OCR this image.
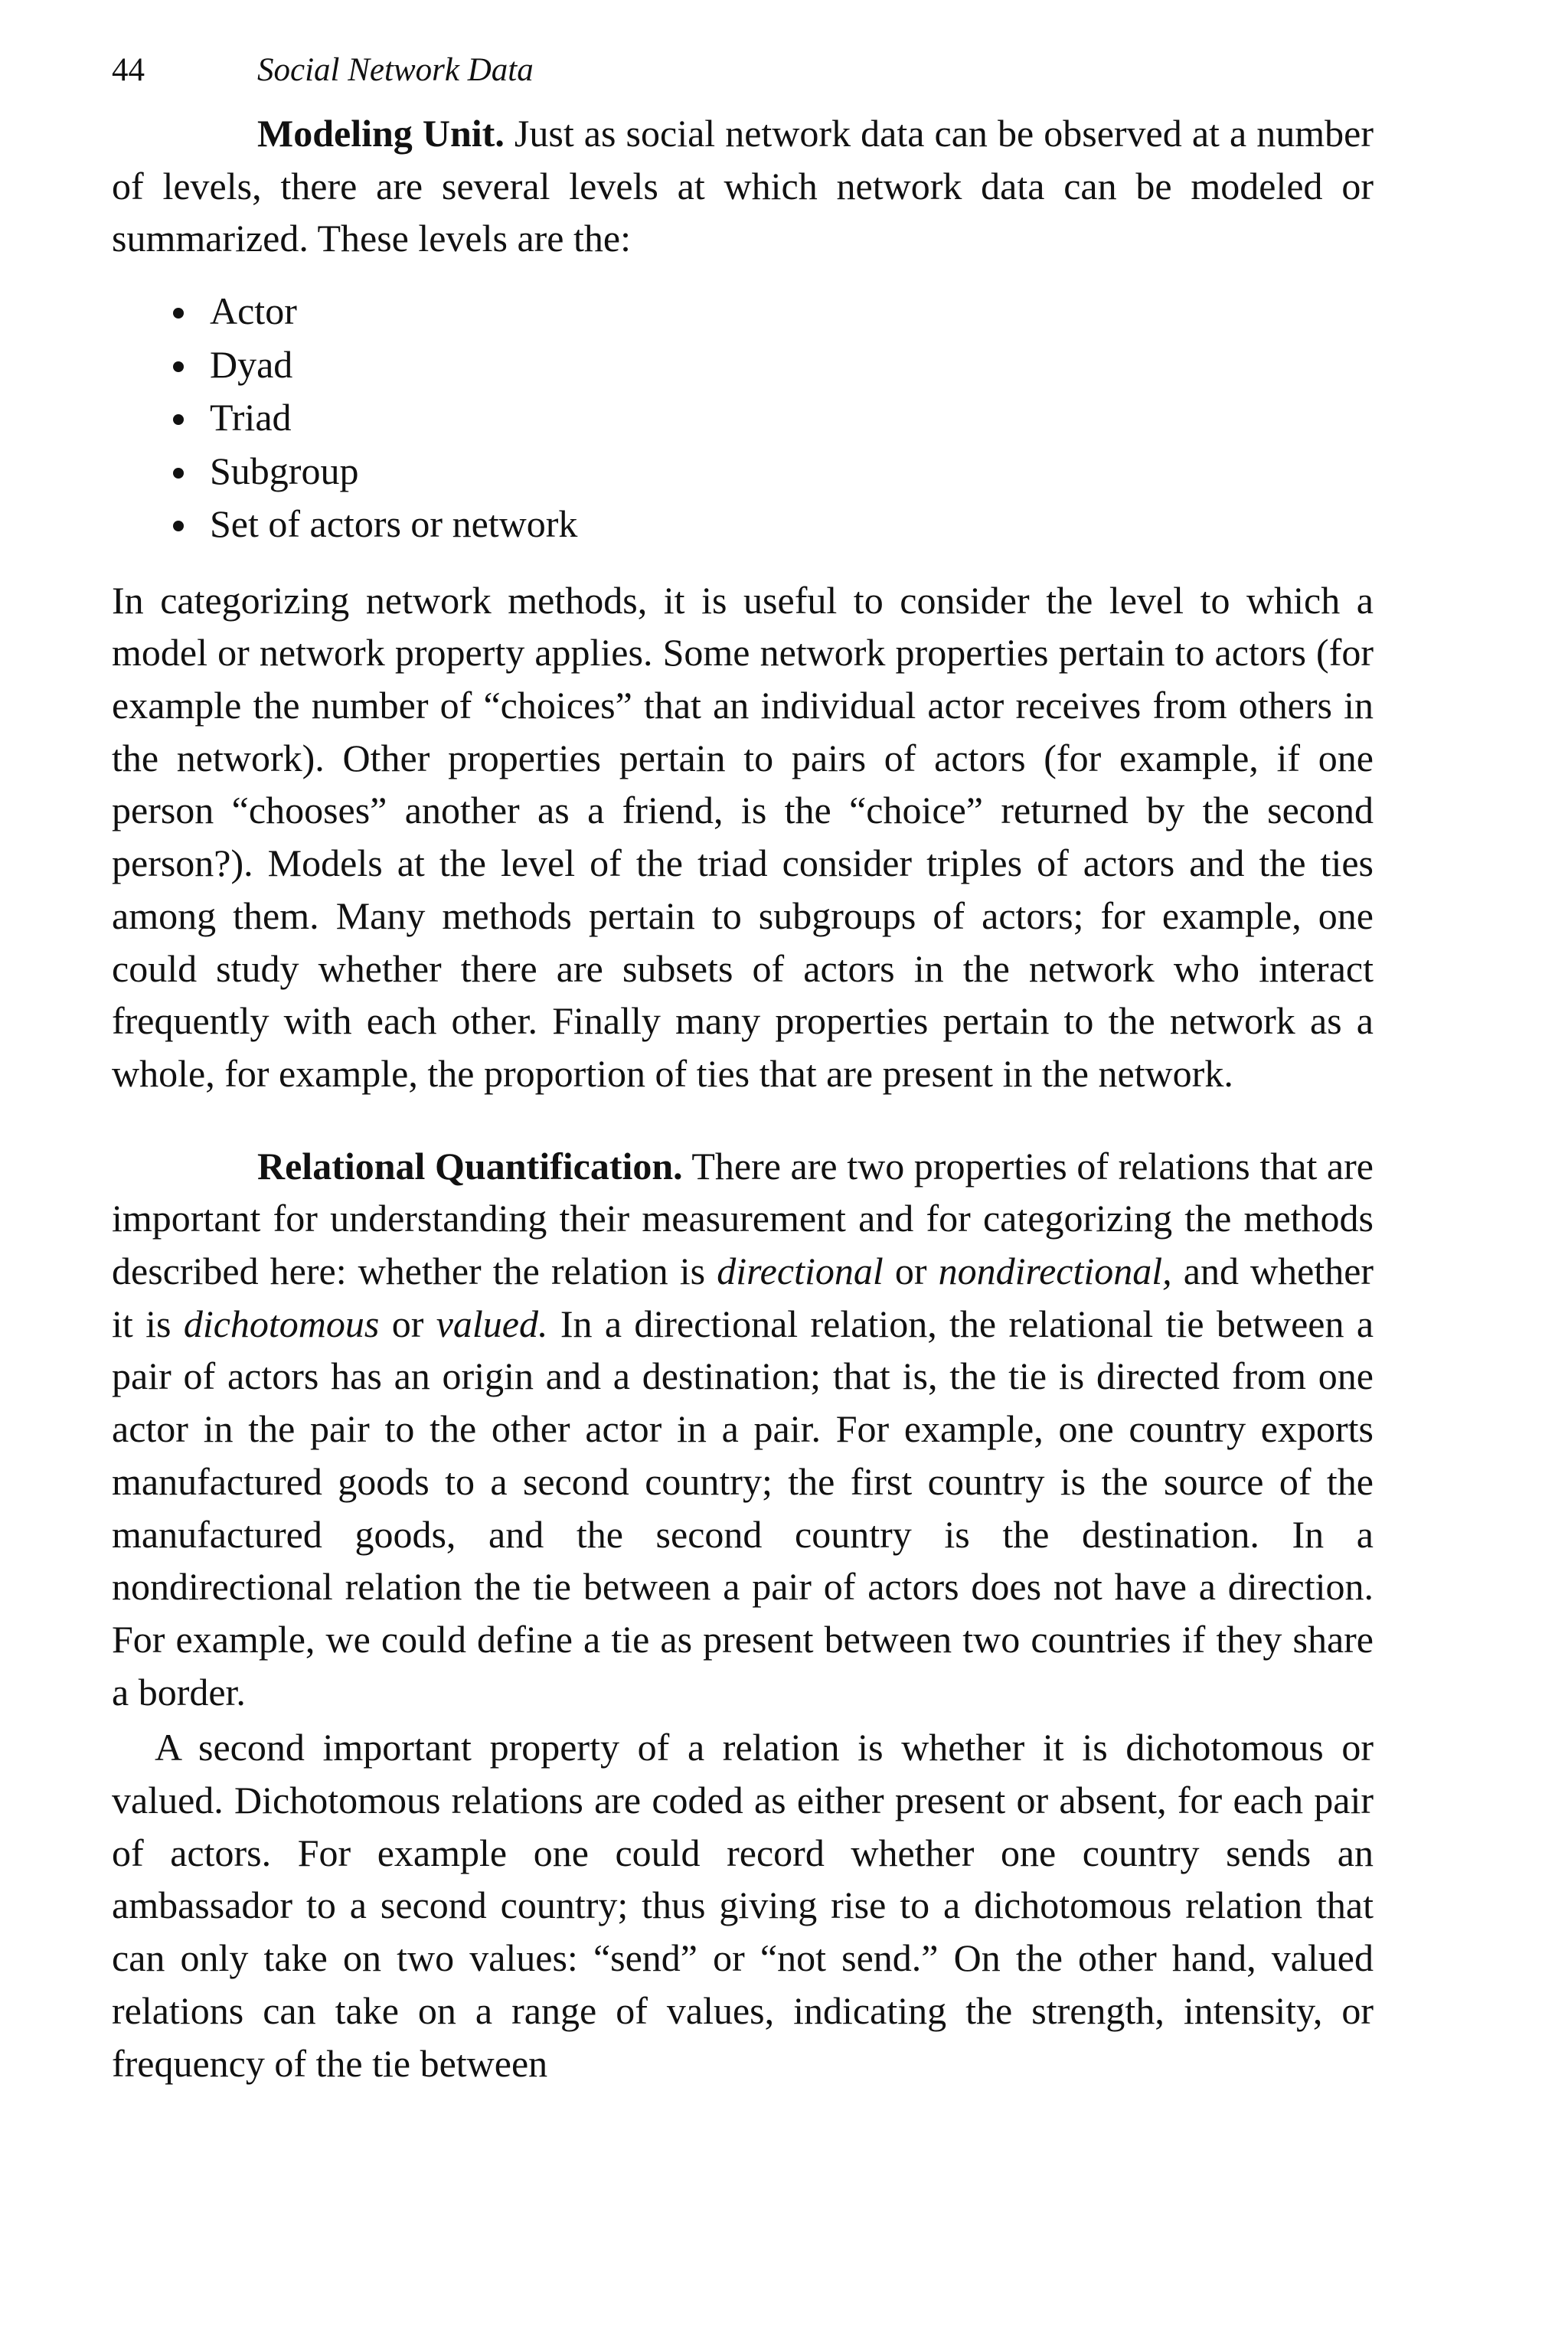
44	Social Network Data

Modeling Unit. Just as social network data can be observed at a number of levels, there are several levels at which network data can be modeled or summarized. These levels are the:

Actor
Dyad
Triad
Subgroup
Set of actors or network

In categorizing network methods, it is useful to consider the level to which a model or network property applies. Some network properties pertain to actors (for example the number of “choices” that an individual actor receives from others in the network). Other properties pertain to pairs of actors (for example, if one person “chooses” another as a friend, is the “choice” returned by the second person?). Models at the level of the triad consider triples of actors and the ties among them. Many methods pertain to subgroups of actors; for example, one could study whether there are subsets of actors in the network who interact frequently with each other. Finally many properties pertain to the network as a whole, for example, the proportion of ties that are present in the network.

Relational Quantification. There are two properties of relations that are important for understanding their measurement and for categorizing the methods described here: whether the relation is directional or nondirectional, and whether it is dichotomous or valued. In a directional relation, the relational tie between a pair of actors has an origin and a destination; that is, the tie is directed from one actor in the pair to the other actor in a pair. For example, one country exports manufactured goods to a second country; the first country is the source of the manufactured goods, and the second country is the destination. In a nondirectional relation the tie between a pair of actors does not have a direction. For example, we could define a tie as present between two countries if they share a border.

A second important property of a relation is whether it is dichotomous or valued. Dichotomous relations are coded as either present or absent, for each pair of actors. For example one could record whether one country sends an ambassador to a second country; thus giving rise to a dichotomous relation that can only take on two values: “send” or “not send.” On the other hand, valued relations can take on a range of values, indicating the strength, intensity, or frequency of the tie between
